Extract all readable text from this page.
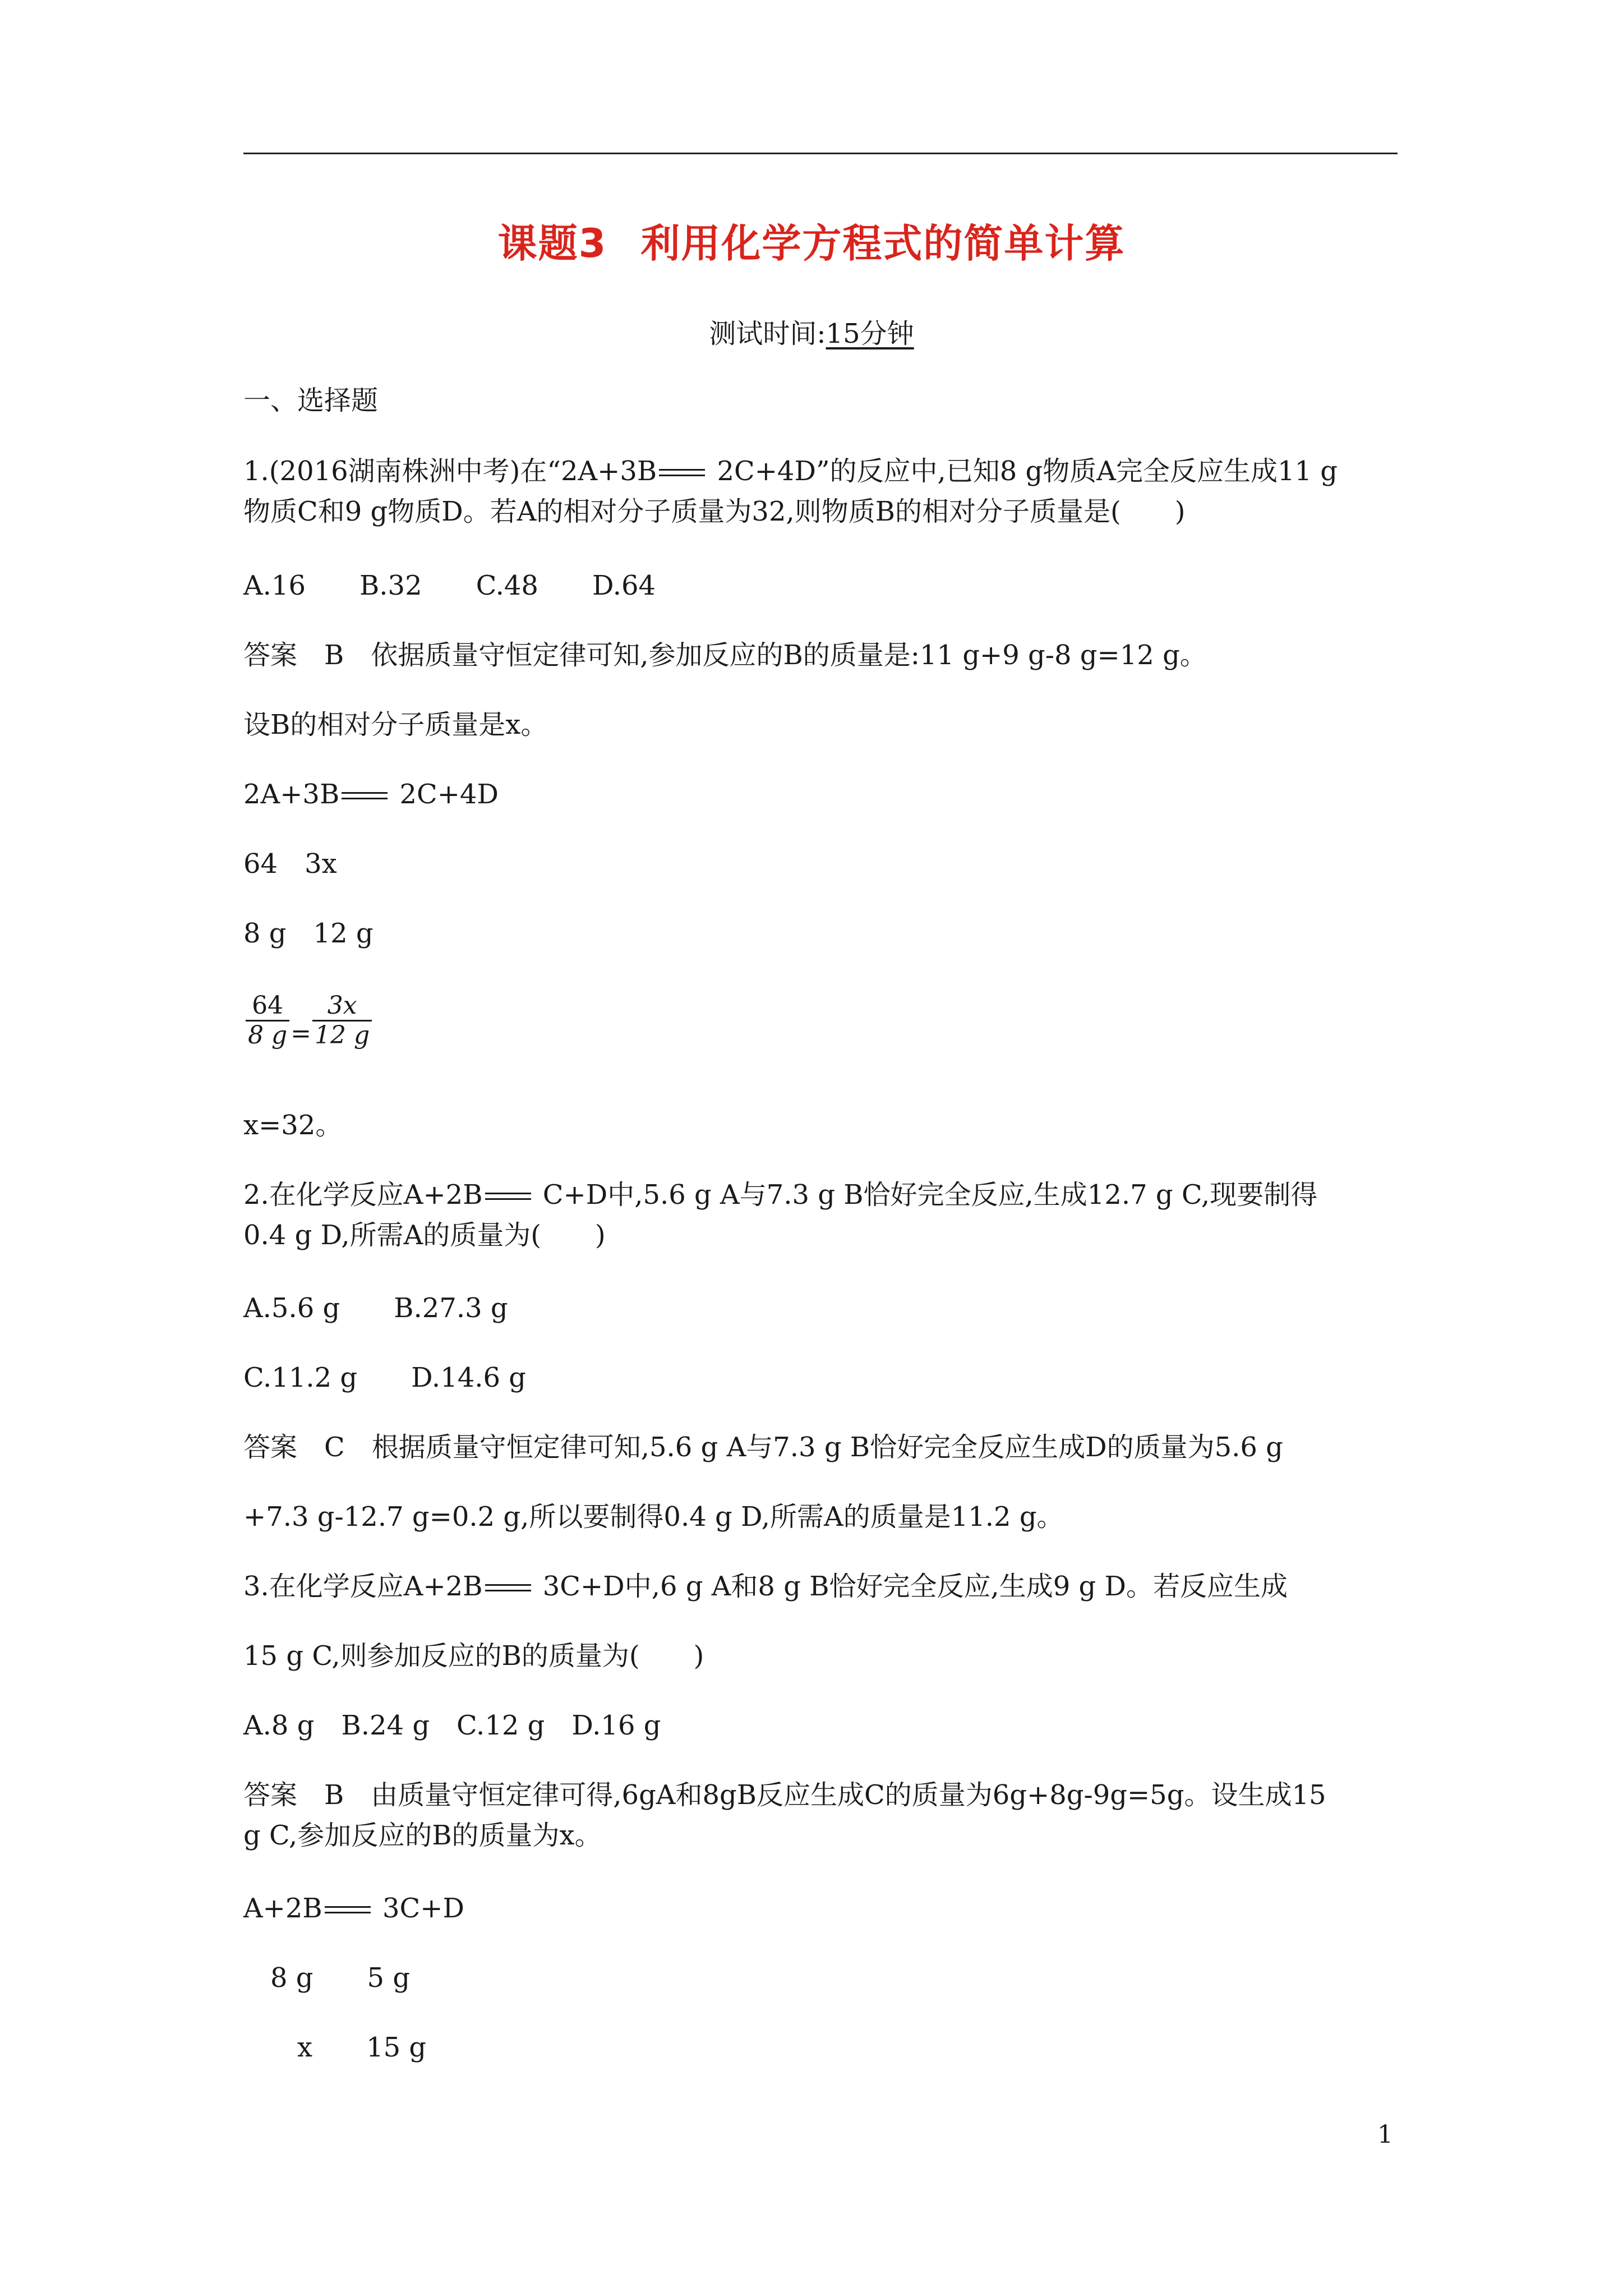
课题3 利用化学方程式的简单计算
测试时间:15分钟
一、选择题
1.(2016湖南株洲中考)在“2A+3B 2C+4D”的反应中,已知8 g物质A完全反应生成11 g
物质C和9 g物质D。若A的相对分子质量为32,则物质B的相对分子质量是(　　)
A.16　　B.32　　C.48　　D.64
答案　B　依据质量守恒定律可知,参加反应的B的质量是:11 g+9 g-8 g=12 g。
设B的相对分子质量是x。
2A+3B 2C+4D
64　3x
8 g　12 g
$\frac{64}{8 g} = \frac{3x}{12 g}$
x=32。
2.在化学反应A+2B C+D中,5.6 g A与7.3 g B恰好完全反应,生成12.7 g C,现要制得
0.4 g D,所需A的质量为(　　)
A.5.6 g　　B.27.3 g
C.11.2 g　　D.14.6 g
答案　C　根据质量守恒定律可知,5.6 g A与7.3 g B恰好完全反应生成D的质量为5.6 g
+7.3 g-12.7 g=0.2 g,所以要制得0.4 g D,所需A的质量是11.2 g。
3.在化学反应A+2B 3C+D中,6 g A和8 g B恰好完全反应,生成9 g D。若反应生成
15 g C,则参加反应的B的质量为(　　)
A.8 g　B.24 g　C.12 g　D.16 g
答案　B　由质量守恒定律可得,6gA和8gB反应生成C的质量为6g+8g-9g=5g。设生成15
g C,参加反应的B的质量为x。
A+2B 3C+D
　8 g　　5 g
　　x　　15 g
1
